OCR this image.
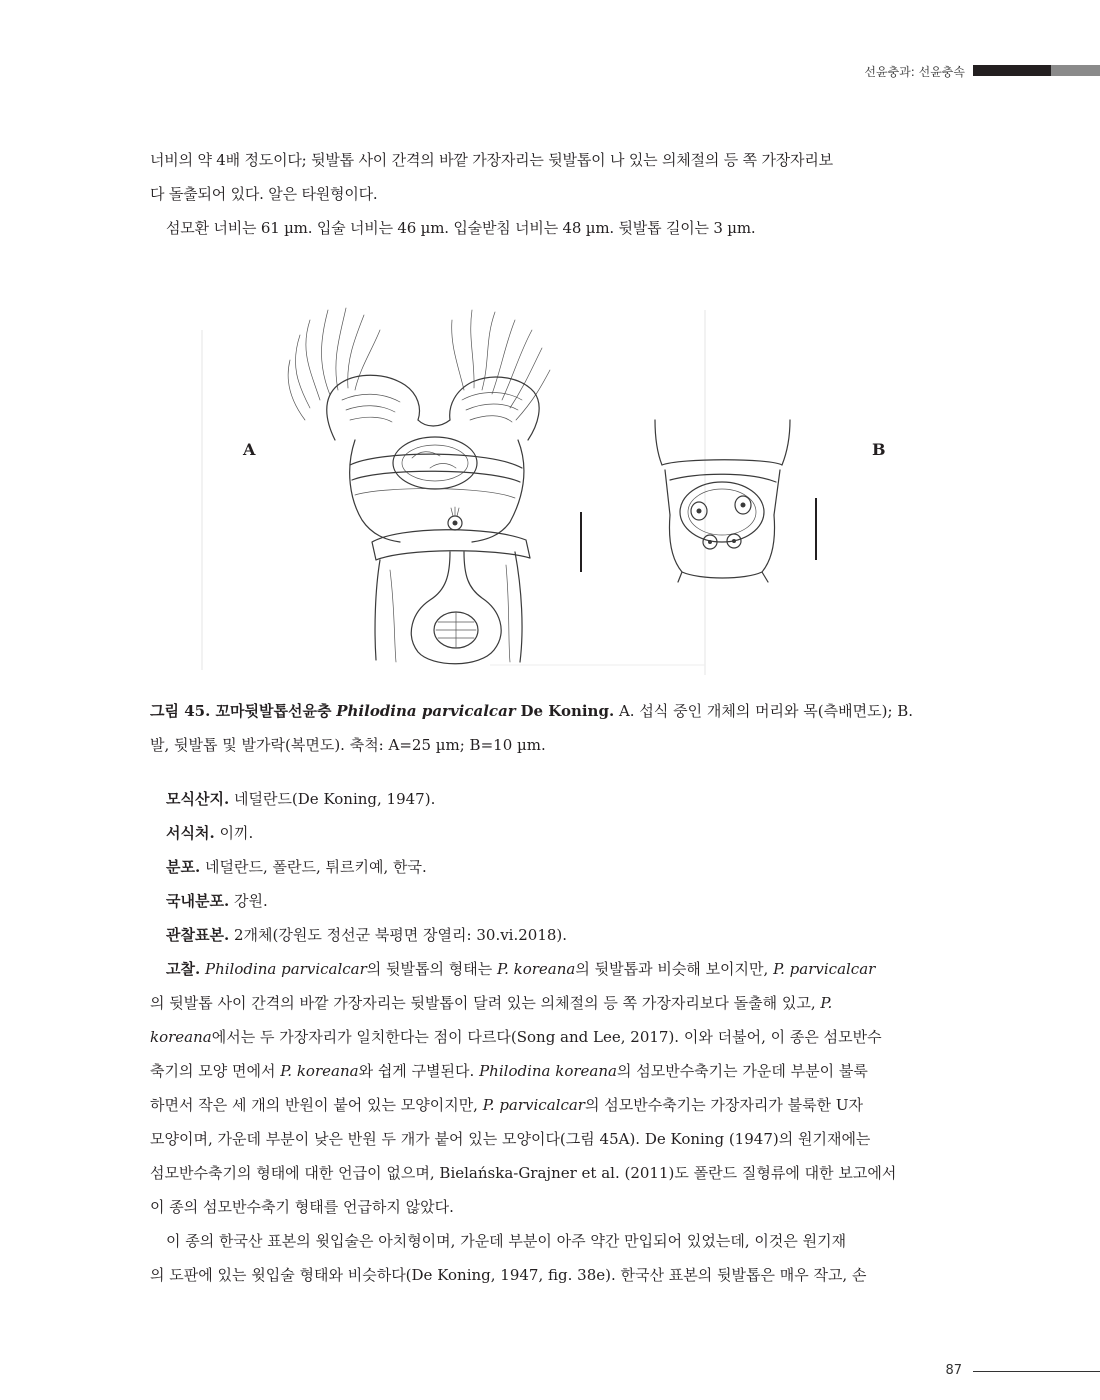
선윤충과: 선윤충속

너비의 약 4배 정도이다; 뒷발톱 사이 간격의 바깥 가장자리는 뒷발톱이 나 있는 의체절의 등 쪽 가장자리보

다 돌출되어 있다. 알은 타원형이다.

섬모환 너비는 61 µm. 입술 너비는 46 µm. 입술받침 너비는 48 µm. 뒷발톱 길이는 3 µm.

A	B
그림 45. 꼬마뒷발톱선윤충 Philodina parvicalcar De Koning. A. 섭식 중인 개체의 머리와 목(측배면도); B.
발, 뒷발톱 및 발가락(복면도). 축척: A=25 µm; B=10 µm.

모식산지. 네덜란드(De Koning, 1947).

서식처. 이끼.

분포. 네덜란드, 폴란드, 튀르키예, 한국.

국내분포. 강원.

관찰표본. 2개체(강원도 정선군 북평면 장열리: 30.vi.2018).

고찰. Philodina parvicalcar의 뒷발톱의 형태는 P. koreana의 뒷발톱과 비슷해 보이지만, P. parvicalcar

의 뒷발톱 사이 간격의 바깥 가장자리는 뒷발톱이 달려 있는 의체절의 등 쪽 가장자리보다 돌출해 있고, P.

koreana에서는 두 가장자리가 일치한다는 점이 다르다(Song and Lee, 2017). 이와 더불어, 이 종은 섬모반수

축기의 모양 면에서 P. koreana와 쉽게 구별된다. Philodina koreana의 섬모반수축기는 가운데 부분이 불룩

하면서 작은 세 개의 반원이 붙어 있는 모양이지만, P. parvicalcar의 섬모반수축기는 가장자리가 불룩한 U자

모양이며, 가운데 부분이 낮은 반원 두 개가 붙어 있는 모양이다(그림 45A). De Koning (1947)의 원기재에는

섬모반수축기의 형태에 대한 언급이 없으며, Bielańska-Grajner et al. (2011)도 폴란드 질형류에 대한 보고에서

이 종의 섬모반수축기 형태를 언급하지 않았다.

이 종의 한국산 표본의 윗입술은 아치형이며, 가운데 부분이 아주 약간 만입되어 있었는데, 이것은 원기재

의 도판에 있는 윗입술 형태와 비슷하다(De Koning, 1947, fig. 38e). 한국산 표본의 뒷발톱은 매우 작고, 손

87
